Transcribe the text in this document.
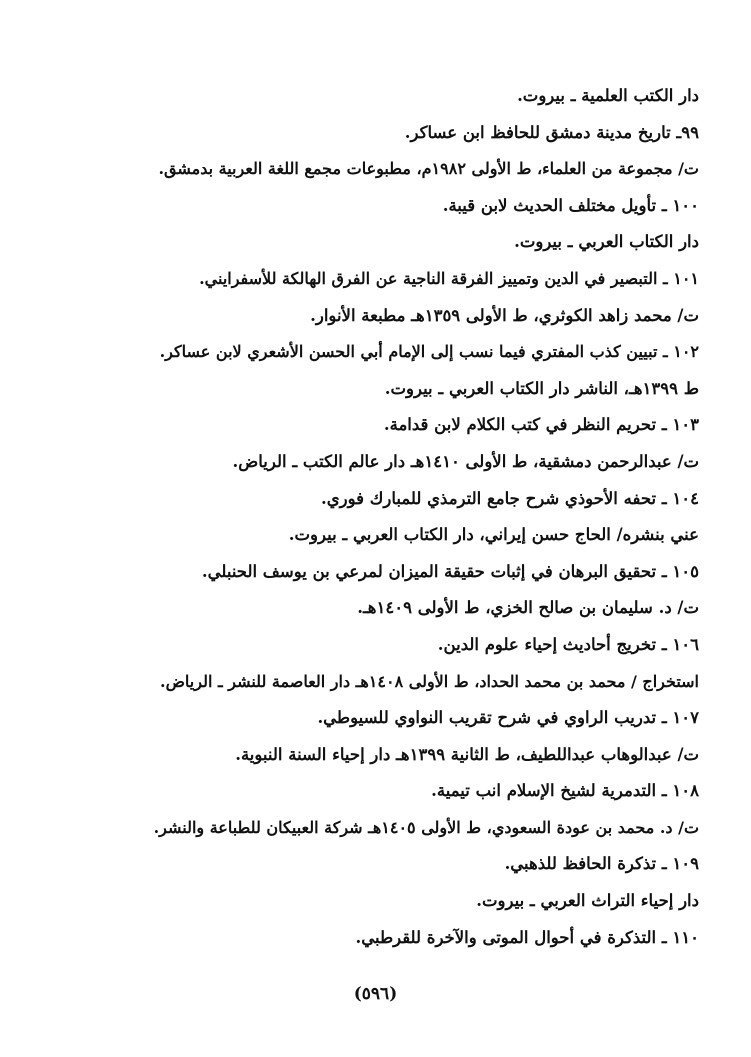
دار الكتب العلمية ـ بيروت.
٩٩ـ تاريخ مدينة دمشق للحافظ ابن عساكر.
ت/ مجموعة من العلماء، ط الأولى ١٩٨٢م، مطبوعات مجمع اللغة العربية بدمشق.
١٠٠ ـ تأويل مختلف الحديث لابن قيبة.
دار الكتاب العربي ـ بيروت.
١٠١ ـ التبصير في الدين وتمييز الفرقة الناجية عن الفرق الهالكة للأسفرايني.
ت/ محمد زاهد الكوثري، ط الأولى ١٣٥٩هـ مطبعة الأنوار.
١٠٢ ـ تبيين كذب المفتري فيما نسب إلى الإمام أبي الحسن الأشعري لابن عساكر.
ط ١٣٩٩هـ، الناشر دار الكتاب العربي ـ بيروت.
١٠٣ ـ تحريم النظر في كتب الكلام لابن قدامة.
ت/ عبدالرحمن دمشقية، ط الأولى ١٤١٠هـ دار عالم الكتب ـ الرياض.
١٠٤ ـ تحفه الأحوذي شرح جامع الترمذي للمبارك فوري.
عني بنشره/ الحاج حسن إيراني، دار الكتاب العربي ـ بيروت.
١٠٥ ـ تحقيق البرهان في إثبات حقيقة الميزان لمرعي بن يوسف الحنبلي.
ت/ د. سليمان بن صالح الخزي، ط الأولى ١٤٠٩هـ.
١٠٦ ـ تخريج أحاديث إحياء علوم الدين.
استخراج / محمد بن محمد الحداد، ط الأولى ١٤٠٨هـ دار العاصمة للنشر ـ الرياض.
١٠٧ ـ تدريب الراوي في شرح تقريب النواوي للسيوطي.
ت/ عبدالوهاب عبداللطيف، ط الثانية ١٣٩٩هـ دار إحياء السنة النبوية.
١٠٨ ـ التدمرية لشيخ الإسلام انب تيمية.
ت/ د. محمد بن عودة السعودي، ط الأولى ١٤٠٥هـ شركة العبيكان للطباعة والنشر.
١٠٩ ـ تذكرة الحافظ للذهبي.
دار إحياء التراث العربي ـ بيروت.
١١٠ ـ التذكرة في أحوال الموتى والآخرة للقرطبي.
(٥٩٦)
